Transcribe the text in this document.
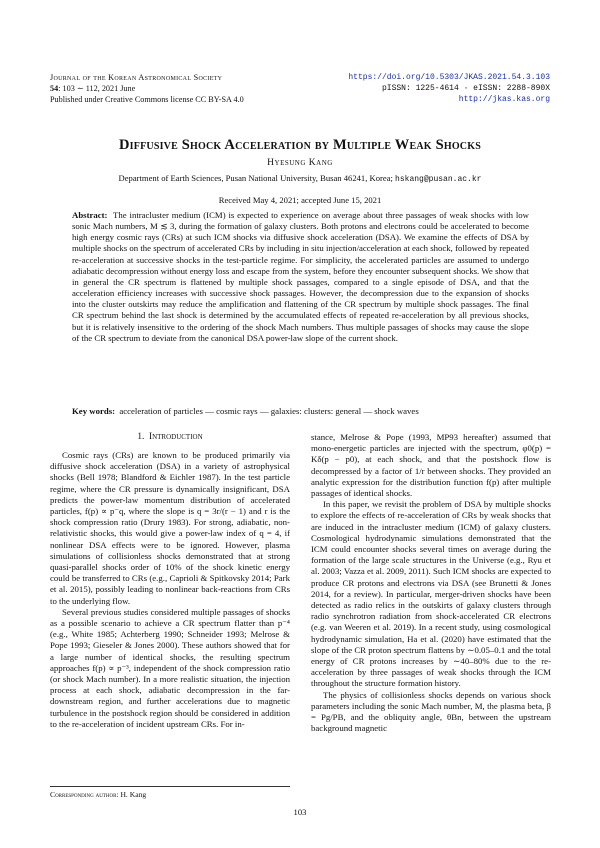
Journal of the Korean Astronomical Society
54: 103 ∼ 112, 2021 June
Published under Creative Commons license CC BY-SA 4.0
https://doi.org/10.5303/JKAS.2021.54.3.103
pISSN: 1225-4614 · eISSN: 2288-890X
http://jkas.kas.org
Diffusive Shock Acceleration by Multiple Weak Shocks
Hyesung Kang
Department of Earth Sciences, Pusan National University, Busan 46241, Korea; hskang@pusan.ac.kr
Received May 4, 2021; accepted June 15, 2021
Abstract: The intracluster medium (ICM) is expected to experience on average about three passages of weak shocks with low sonic Mach numbers, M ≲ 3, during the formation of galaxy clusters. Both protons and electrons could be accelerated to become high energy cosmic rays (CRs) at such ICM shocks via diffusive shock acceleration (DSA). We examine the effects of DSA by multiple shocks on the spectrum of accelerated CRs by including in situ injection/acceleration at each shock, followed by repeated re-acceleration at successive shocks in the test-particle regime. For simplicity, the accelerated particles are assumed to undergo adiabatic decompression without energy loss and escape from the system, before they encounter subsequent shocks. We show that in general the CR spectrum is flattened by multiple shock passages, compared to a single episode of DSA, and that the acceleration efficiency increases with successive shock passages. However, the decompression due to the expansion of shocks into the cluster outskirts may reduce the amplification and flattening of the CR spectrum by multiple shock passages. The final CR spectrum behind the last shock is determined by the accumulated effects of repeated re-acceleration by all previous shocks, but it is relatively insensitive to the ordering of the shock Mach numbers. Thus multiple passages of shocks may cause the slope of the CR spectrum to deviate from the canonical DSA power-law slope of the current shock.
Key words: acceleration of particles — cosmic rays — galaxies: clusters: general — shock waves
1. Introduction

Cosmic rays (CRs) are known to be produced primarily via diffusive shock acceleration (DSA) in a variety of astrophysical shocks (Bell 1978; Blandford & Eichler 1987). In the test particle regime, where the CR pressure is dynamically insignificant, DSA predicts the power-law momentum distribution of accelerated particles, f(p) ∝ p⁻q, where the slope is q = 3r/(r − 1) and r is the shock compression ratio (Drury 1983). For strong, adiabatic, non-relativistic shocks, this would give a power-law index of q = 4, if nonlinear DSA effects were to be ignored. However, plasma simulations of collisionless shocks demonstrated that at strong quasi-parallel shocks order of 10% of the shock kinetic energy could be transferred to CRs (e.g., Caprioli & Spitkovsky 2014; Park et al. 2015), possibly leading to nonlinear back-reactions from CRs to the underlying flow.

Several previous studies considered multiple passages of shocks as a possible scenario to achieve a CR spectrum flatter than p⁻⁴ (e.g., White 1985; Achterberg 1990; Schneider 1993; Melrose & Pope 1993; Gieseler & Jones 2000). These authors showed that for a large number of identical shocks, the resulting spectrum approaches f(p) ∝ p⁻³, independent of the shock compression ratio (or shock Mach number). In a more realistic situation, the injection process at each shock, adiabatic decompression in the far-downstream region, and further accelerations due to magnetic turbulence in the postshock region should be considered in addition to the re-acceleration of incident upstream CRs. For in-

stance, Melrose & Pope (1993, MP93 hereafter) assumed that mono-energetic particles are injected with the spectrum, φ0(p) = Kδ(p − p0), at each shock, and that the postshock flow is decompressed by a factor of 1/r between shocks. They provided an analytic expression for the distribution function f(p) after multiple passages of identical shocks.

In this paper, we revisit the problem of DSA by multiple shocks to explore the effects of re-acceleration of CRs by weak shocks that are induced in the intracluster medium (ICM) of galaxy clusters. Cosmological hydrodynamic simulations demonstrated that the ICM could encounter shocks several times on average during the formation of the large scale structures in the Universe (e.g., Ryu et al. 2003; Vazza et al. 2009, 2011). Such ICM shocks are expected to produce CR protons and electrons via DSA (see Brunetti & Jones 2014, for a review). In particular, merger-driven shocks have been detected as radio relics in the outskirts of galaxy clusters through radio synchrotron radiation from shock-accelerated CR electrons (e.g. van Weeren et al. 2019). In a recent study, using cosmological hydrodynamic simulation, Ha et al. (2020) have estimated that the slope of the CR proton spectrum flattens by ∼0.05–0.1 and the total energy of CR protons increases by ∼40–80% due to the re-acceleration by three passages of weak shocks through the ICM throughout the structure formation history.

The physics of collisionless shocks depends on various shock parameters including the sonic Mach number, M, the plasma beta, β = Pg/PB, and the obliquity angle, θBn, between the upstream background magnetic

Corresponding author: H. Kang
103
